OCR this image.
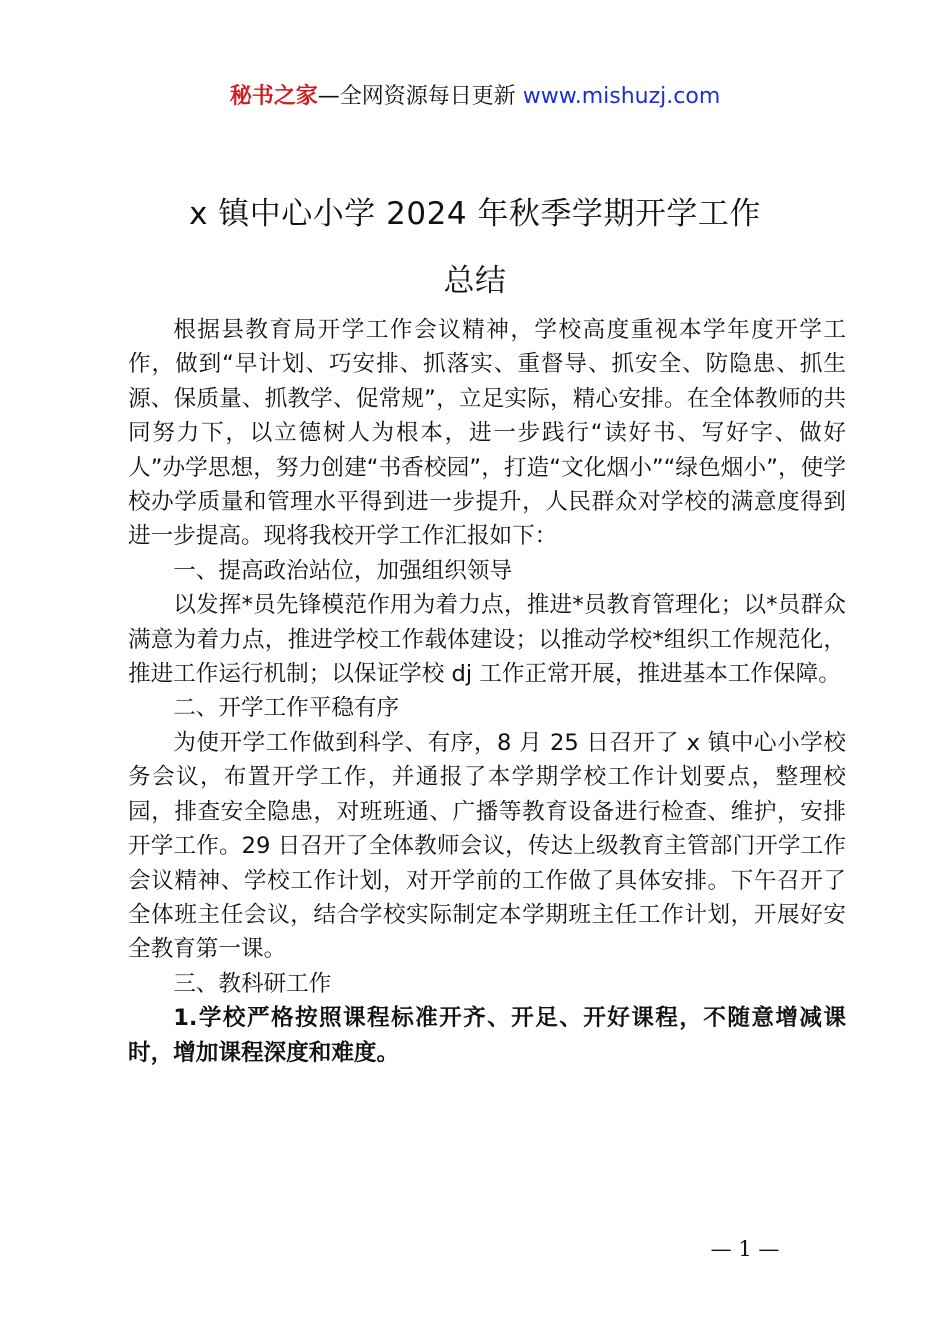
秘书之家—全网资源每日更新 www.mishuzj.com
x 镇中心小学 2024 年秋季学期开学工作
总结

根据县教育局开学工作会议精神，学校高度重视本学年度开学工作，做到“早计划、巧安排、抓落实、重督导、抓安全、防隐患、抓生源、保质量、抓教学、促常规”，立足实际，精心安排。在全体教师的共同努力下，以立德树人为根本，进一步践行“读好书、写好字、做好人”办学思想，努力创建“书香校园”，打造“文化烟小”“绿色烟小”，使学校办学质量和管理水平得到进一步提升，人民群众对学校的满意度得到进一步提高。现将我校开学工作汇报如下：

一、提高政治站位，加强组织领导

以发挥*员先锋模范作用为着力点，推进*员教育管理化；以*员群众满意为着力点，推进学校工作载体建设；以推动学校*组织工作规范化，推进工作运行机制；以保证学校 dj 工作正常开展，推进基本工作保障。

二、开学工作平稳有序

为使开学工作做到科学、有序，8 月 25 日召开了 x 镇中心小学校务会议，布置开学工作，并通报了本学期学校工作计划要点，整理校园，排查安全隐患，对班班通、广播等教育设备进行检查、维护，安排开学工作。29 日召开了全体教师会议，传达上级教育主管部门开学工作会议精神、学校工作计划，对开学前的工作做了具体安排。下午召开了全体班主任会议，结合学校实际制定本学期班主任工作计划，开展好安全教育第一课。

三、教科研工作

1.学校严格按照课程标准开齐、开足、开好课程，不随意增减课时，增加课程深度和难度。

— 1 —
